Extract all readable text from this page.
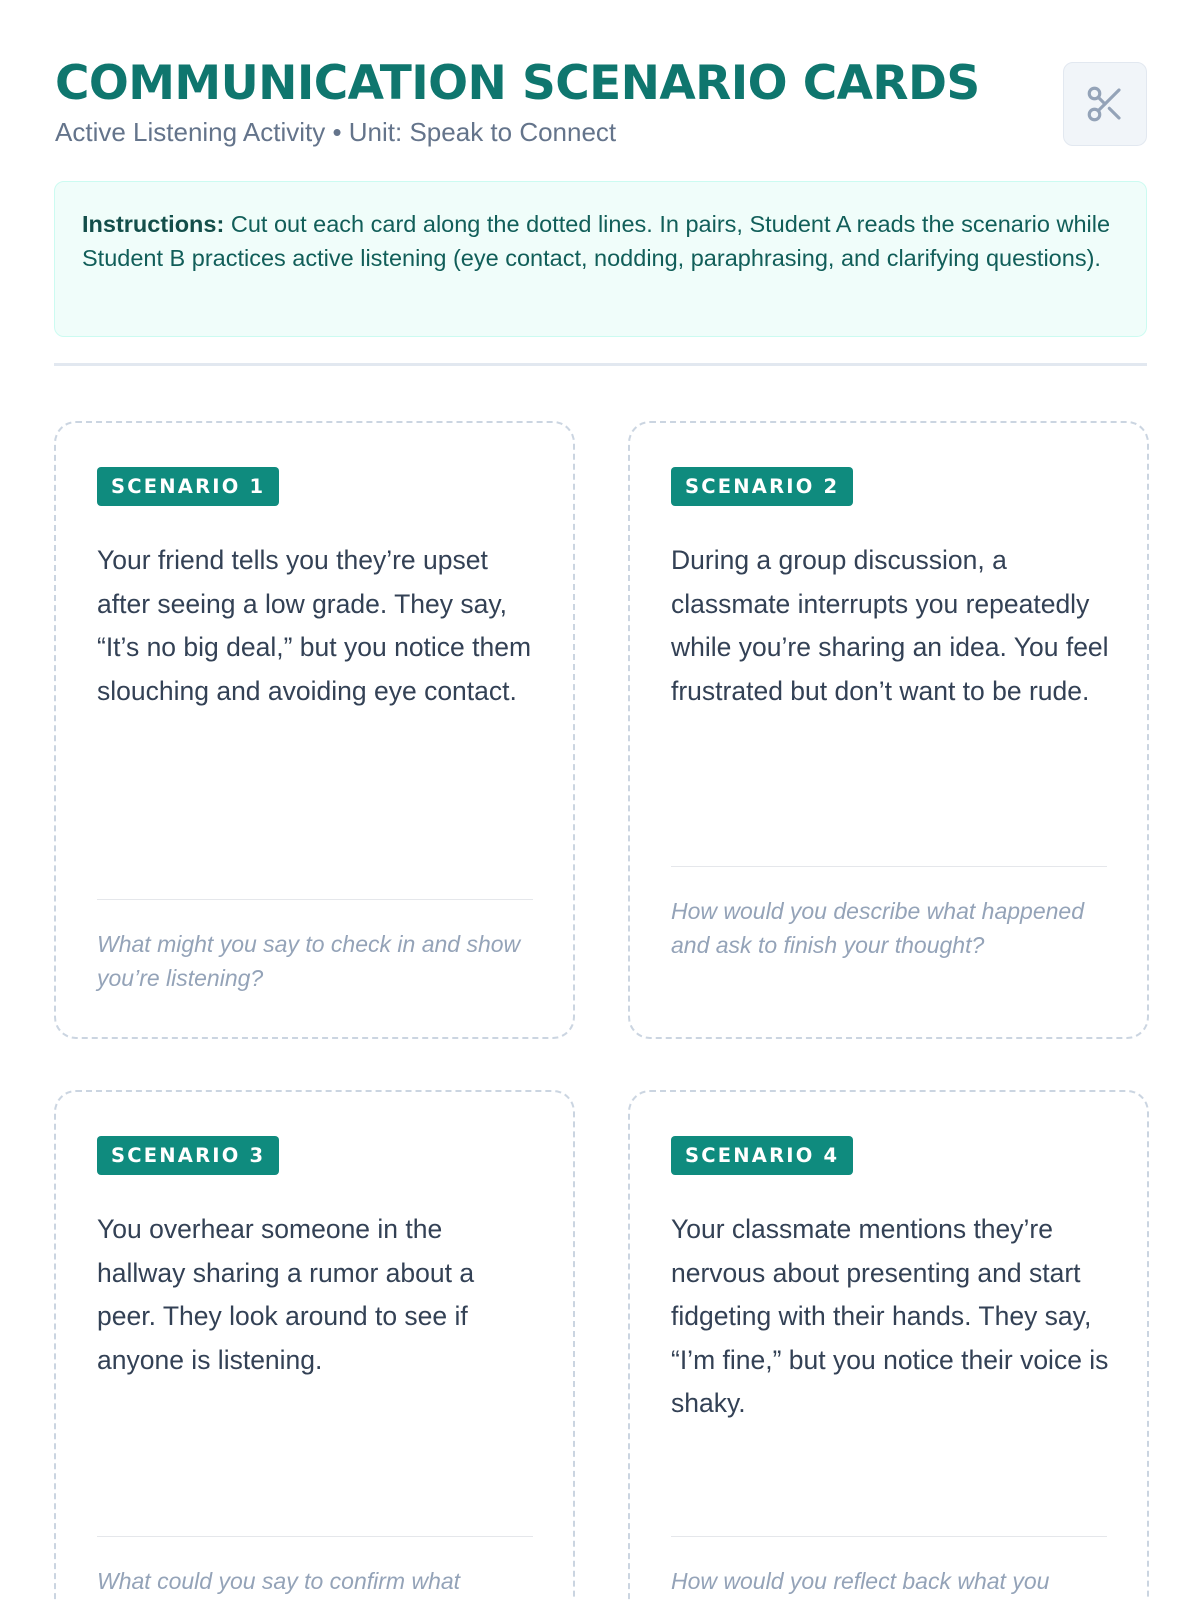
COMMUNICATION SCENARIO CARDS
Active Listening Activity • Unit: Speak to Connect
Instructions: Cut out each card along the dotted lines. In pairs, Student A reads the scenario while Student B practices active listening (eye contact, nodding, paraphrasing, and clarifying questions).
SCENARIO 1

Your friend tells you they’re upset after seeing a low grade. They say, “It’s no big deal,” but you notice them slouching and avoiding eye contact.

What might you say to check in and show you’re listening?

SCENARIO 2

During a group discussion, a classmate interrupts you repeatedly while you’re sharing an idea. You feel frustrated but don’t want to be rude.

How would you describe what happened and ask to finish your thought?

SCENARIO 3

You overhear someone in the hallway sharing a rumor about a peer. They look around to see if anyone is listening.

What could you say to confirm what

SCENARIO 4

Your classmate mentions they’re nervous about presenting and start fidgeting with their hands. They say, “I’m fine,” but you notice their voice is shaky.

How would you reflect back what you
